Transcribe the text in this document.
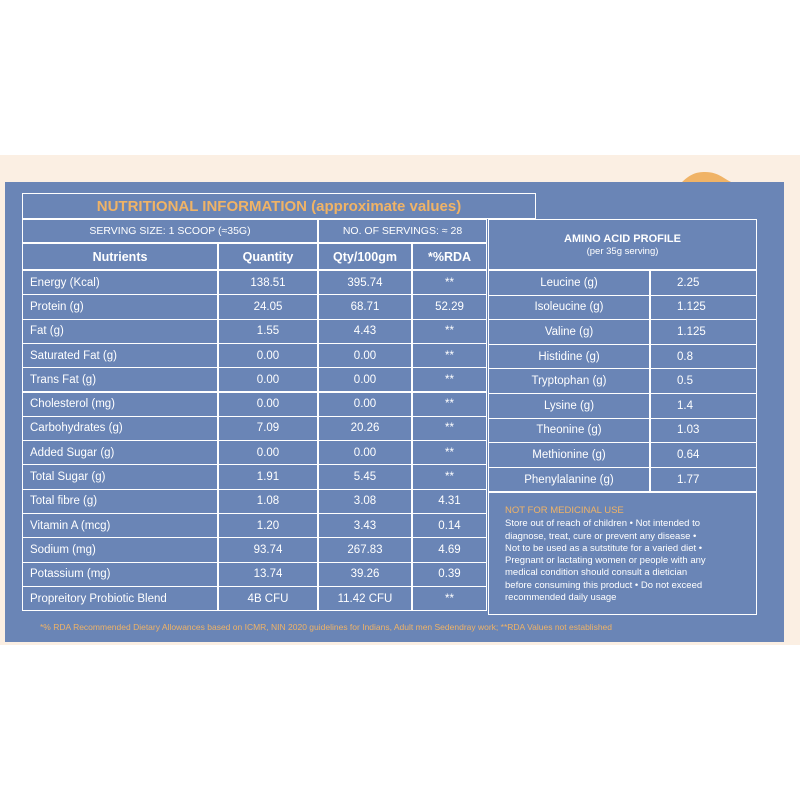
NUTRITIONAL INFORMATION (approximate values)
SERVING SIZE: 1 SCOOP (≈35G)	NO. OF SERVINGS: ≈ 28
Nutrients	Quantity	Qty/100gm	*%RDA
AMINO ACID PROFILE
(per 35g serving)
Energy (Kcal)	138.51	395.74	**
Protein (g)	24.05	68.71	52.29
Fat (g)	1.55	4.43	**
Saturated Fat (g)	0.00	0.00	**
Trans Fat (g)	0.00	0.00	**
Cholesterol (mg)	0.00	0.00	**
Carbohydrates (g)	7.09	20.26	**
Added Sugar (g)	0.00	0.00	**
Total Sugar (g)	1.91	5.45	**
Total fibre (g)	1.08	3.08	4.31
Vitamin A (mcg)	1.20	3.43	0.14
Sodium (mg)	93.74	267.83	4.69
Potassium (mg)	13.74	39.26	0.39
Propreitory Probiotic Blend	4B CFU	11.42 CFU	**
Leucine (g)	2.25
Isoleucine (g)	1.125
Valine (g)	1.125
Histidine (g)	0.8
Tryptophan (g)	0.5
Lysine (g)	1.4
Theonine (g)	1.03
Methionine (g)	0.64
Phenylalanine (g)	1.77
NOT FOR MEDICINAL USE
Store out of reach of children • Not intended to
diagnose, treat, cure or prevent any disease •
Not to be used as a sutstitute for a varied diet •
Pregnant or lactating women or people with any
medical condition should consult a dietician
before consuming this product • Do not exceed
recommended daily usage
*% RDA Recommended Dietary Allowances based on ICMR, NIN 2020 guidelines for Indians, Adult men Sedendray work; **RDA Values not established
